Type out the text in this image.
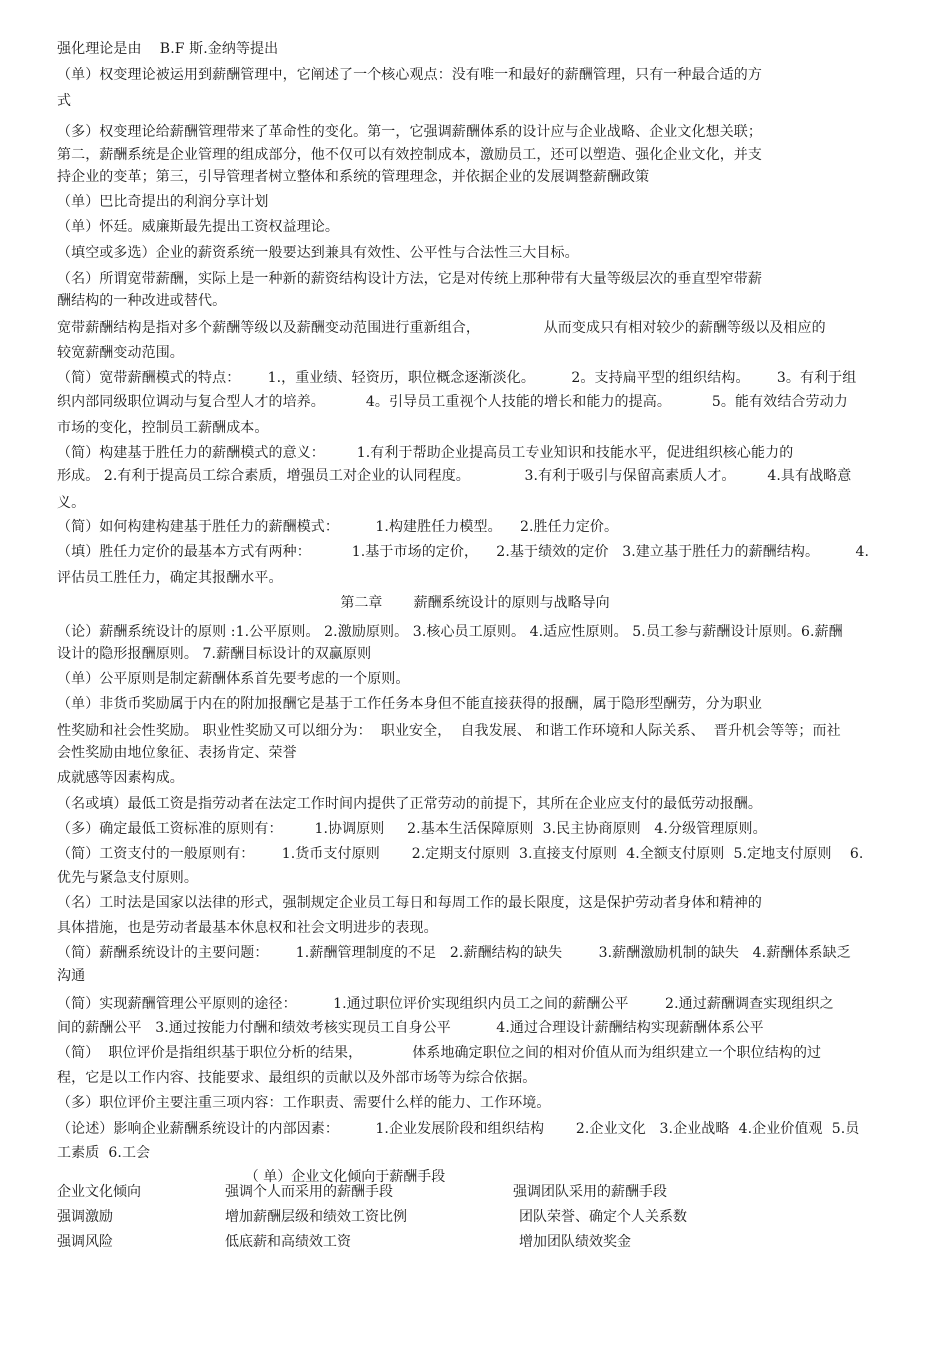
强化理论是由    B.F 斯.金纳等提出
（单）权变理论被运用到薪酬管理中，它阐述了一个核心观点：没有唯一和最好的薪酬管理，只有一种最合适的方
式
（多）权变理论给薪酬管理带来了革命性的变化。第一，它强调薪酬体系的设计应与企业战略、企业文化想关联；
第二，薪酬系统是企业管理的组成部分，他不仅可以有效控制成本，激励员工，还可以塑造、强化企业文化，并支
持企业的变革；第三，引导管理者树立整体和系统的管理理念，并依据企业的发展调整薪酬政策
（单）巴比奇提出的利润分享计划
（单）怀廷。威廉斯最先提出工资权益理论。
（填空或多选）企业的薪资系统一般要达到兼具有效性、公平性与合法性三大目标。
（名）所谓宽带薪酬，实际上是一种新的薪资结构设计方法，它是对传统上那种带有大量等级层次的垂直型窄带薪
酬结构的一种改进或替代。
宽带薪酬结构是指对多个薪酬等级以及薪酬变动范围进行重新组合，              从而变成只有相对较少的薪酬等级以及相应的
较宽薪酬变动范围。
（简）宽带薪酬模式的特点：      1.，重业绩、轻资历，职位概念逐渐淡化。        2。支持扁平型的组织结构。      3。有利于组
织内部同级职位调动与复合型人才的培养。         4。引导员工重视个人技能的增长和能力的提高。         5。能有效结合劳动力
市场的变化，控制员工薪酬成本。
（简）构建基于胜任力的薪酬模式的意义：       1.有利于帮助企业提高员工专业知识和技能水平，促进组织核心能力的
形成。 2.有利于提高员工综合素质，增强员工对企业的认同程度。            3.有利于吸引与保留高素质人才。       4.具有战略意
义。
（简）如何构建构建基于胜任力的薪酬模式：        1.构建胜任力模型。    2.胜任力定价。
（填）胜任力定价的最基本方式有两种：         1.基于市场的定价，    2.基于绩效的定价   3.建立基于胜任力的薪酬结构。        4.
评估员工胜任力，确定其报酬水平。
（论）薪酬系统设计的原则 :1.公平原则。 2.激励原则。 3.核心员工原则。 4.适应性原则。 5.员工参与薪酬设计原则。6.薪酬
设计的隐形报酬原则。 7.薪酬目标设计的双赢原则
（单）公平原则是制定薪酬体系首先要考虑的一个原则。
（单）非货币奖励属于内在的附加报酬它是基于工作任务本身但不能直接获得的报酬，属于隐形型酬劳，分为职业
性奖励和社会性奖励。 职业性奖励又可以细分为：  职业安全，  自我发展、 和谐工作环境和人际关系、  晋升机会等等；而社
会性奖励由地位象征、表扬肯定、荣誉
成就感等因素构成。
（名或填）最低工资是指劳动者在法定工作时间内提供了正常劳动的前提下，其所在企业应支付的最低劳动报酬。
（多）确定最低工资标准的原则有：       1.协调原则     2.基本生活保障原则  3.民主协商原则   4.分级管理原则。
（简）工资支付的一般原则有：      1.货币支付原则       2.定期支付原则  3.直接支付原则  4.全额支付原则  5.定地支付原则    6.
优先与紧急支付原则。
（名）工时法是国家以法律的形式，强制规定企业员工每日和每周工作的最长限度，这是保护劳动者身体和精神的
具体措施，也是劳动者最基本休息权和社会文明进步的表现。
（简）薪酬系统设计的主要问题：      1.薪酬管理制度的不足   2.薪酬结构的缺失        3.薪酬激励机制的缺失   4.薪酬体系缺乏
沟通
（简）实现薪酬管理公平原则的途径：        1.通过职位评价实现组织内员工之间的薪酬公平        2.通过薪酬调查实现组织之
间的薪酬公平   3.通过按能力付酬和绩效考核实现员工自身公平          4.通过合理设计薪酬结构实现薪酬体系公平
（简）  职位评价是指组织基于职位分析的结果，           体系地确定职位之间的相对价值从而为组织建立一个职位结构的过
程，它是以工作内容、技能要求、最组织的贡献以及外部市场等为综合依据。
（多）职位评价主要注重三项内容：工作职责、需要什么样的能力、工作环境。
（论述）影响企业薪酬系统设计的内部因素：        1.企业发展阶段和组织结构       2.企业文化   3.企业战略  4.企业价值观  5.员
工素质  6.工会
第二章       薪酬系统设计的原则与战略导向
（ 单）企业文化倾向于薪酬手段
企业文化倾向	强调个人而采用的薪酬手段	强调团队采用的薪酬手段
强调激励	增加薪酬层级和绩效工资比例	团队荣誉、确定个人关系数
强调风险	低底薪和高绩效工资	增加团队绩效奖金
